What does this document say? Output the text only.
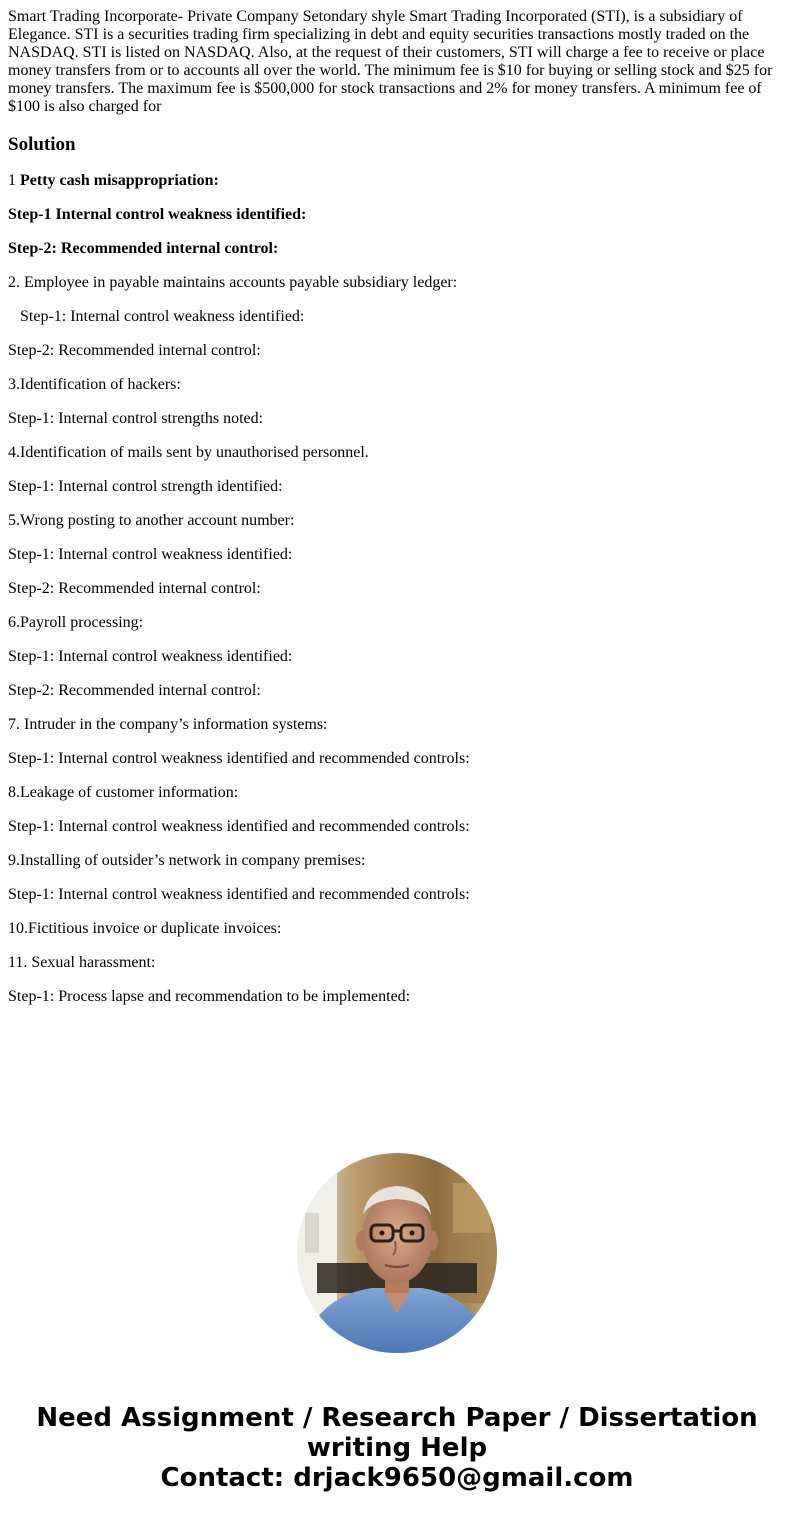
Smart Trading Incorporate- Private Company Setondary shyle Smart Trading Incorporated (STI), is a subsidiary of Elegance. STI is a securities trading firm specializing in debt and equity securities transactions mostly traded on the NASDAQ. STI is listed on NASDAQ. Also, at the request of their customers, STI will charge a fee to receive or place money transfers from or to accounts all over the world. The minimum fee is $10 for buying or selling stock and $25 for money transfers. The maximum fee is $500,000 for stock transactions and 2% for money transfers. A minimum fee of $100 is also charged for

Solution

1 Petty cash misappropriation:

Step-1 Internal control weakness identified:

Step-2: Recommended internal control:

2. Employee in payable maintains accounts payable subsidiary ledger:

Step-1: Internal control weakness identified:

Step-2: Recommended internal control:

3.Identification of hackers:

Step-1: Internal control strengths noted:

4.Identification of mails sent by unauthorised personnel.

Step-1: Internal control strength identified:

5.Wrong posting to another account number:

Step-1: Internal control weakness identified:

Step-2: Recommended internal control:

6.Payroll processing:

Step-1: Internal control weakness identified:

Step-2: Recommended internal control:

7. Intruder in the company’s information systems:

Step-1: Internal control weakness identified and recommended controls:

8.Leakage of customer information:

Step-1: Internal control weakness identified and recommended controls:

9.Installing of outsider’s network in company premises:

Step-1: Internal control weakness identified and recommended controls:

10.Fictitious invoice or duplicate invoices:

11. Sexual harassment:

Step-1: Process lapse and recommendation to be implemented:

Need Assignment / Research Paper / Dissertation
writing Help
Contact: drjack9650@gmail.com
